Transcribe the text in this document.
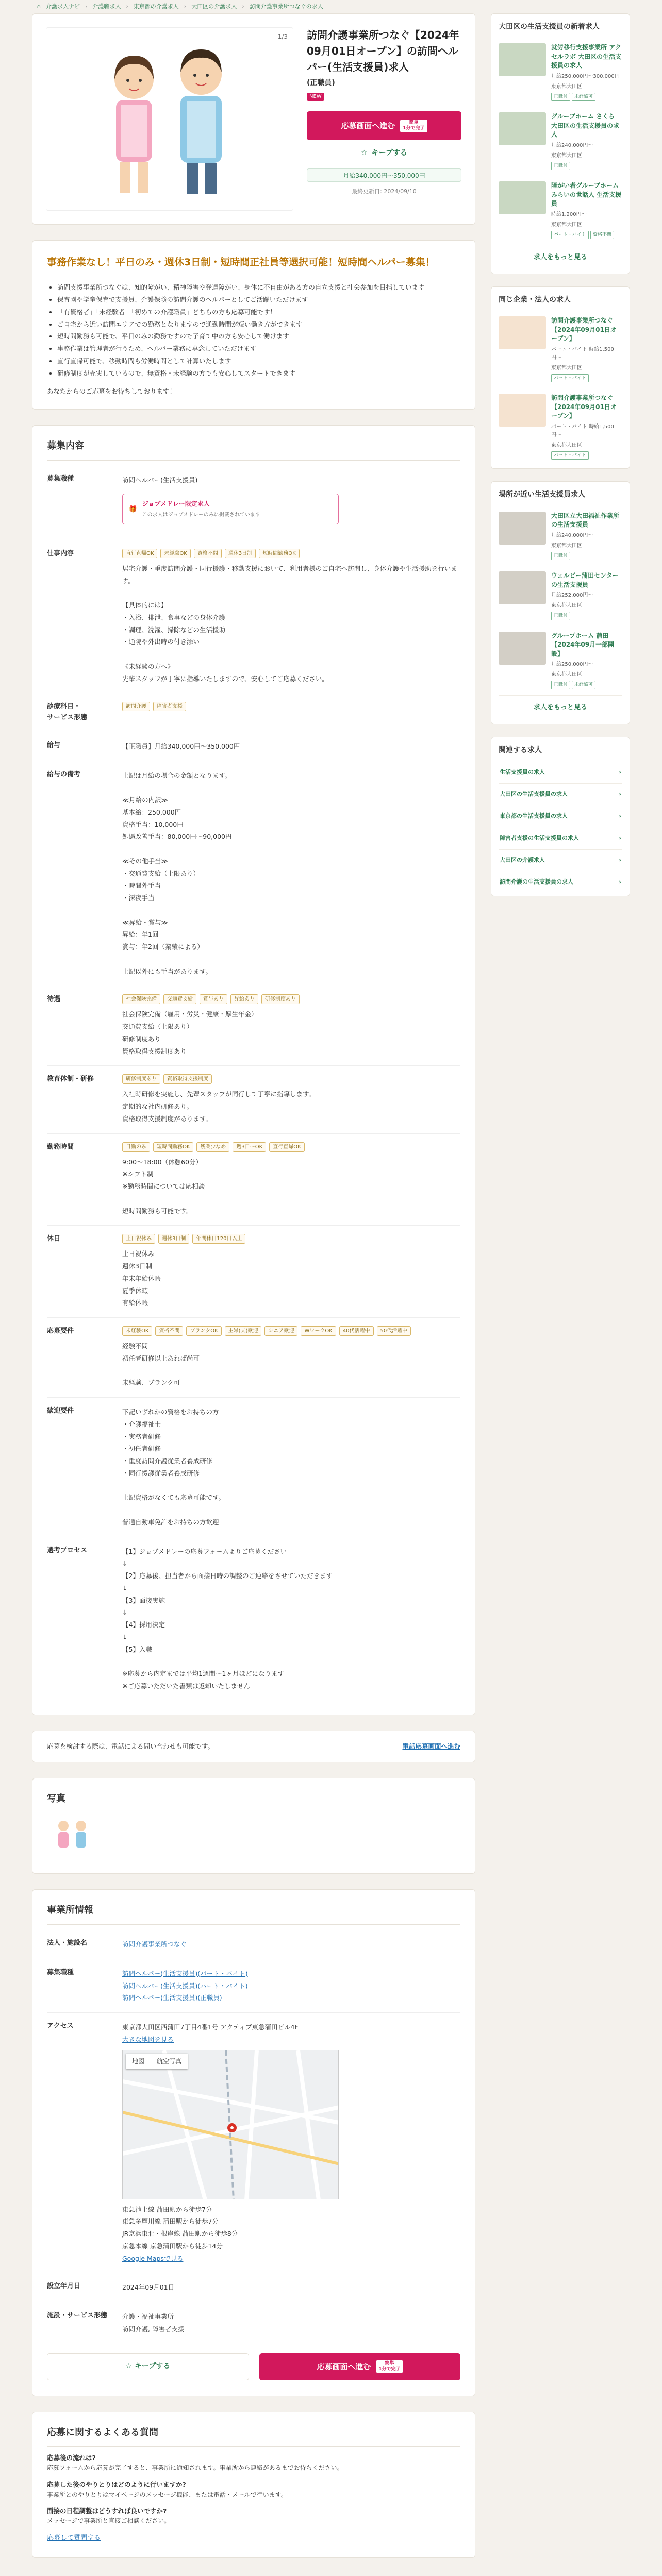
⌂ 介護求人ナビ › 介護職求人 › 東京都の介護求人 › 大田区の介護求人 › 訪問介護事業所つなぐの求人
1/3 訪問介護事業所つなぐ【2024年09月01日オープン】の訪問ヘルパー(生活支援員)求人
(正職員)
NEW
応募画面へ進む	簡単
1分で完了
☆ キープする
月給340,000円〜350,000円
最終更新日: 2024/09/10
事務作業なし！平日のみ・週休3日制・短時間正社員等選択可能！短時間ヘルパー募集！
• 訪問支援事業所つなぐは、知的障がい、精神障害や発達障がい、身体に不自由がある方の自立支援と社会参加を目指しています
• 保育園や学童保育で支援員、介護保険の訪問介護のヘルパーとしてご活躍いただけます
• 「有資格者」「未経験者」「初めての介護職員」どちらの方も応募可能です！
• ご自宅から近い訪問エリアでの勤務となりますので通勤時間が短い働き方ができます
• 短時間勤務も可能で、平日のみの勤務ですので子育て中の方も安心して働けます
• 事務作業は管理者が行うため、ヘルパー業務に専念していただけます
• 直行直帰可能で、移動時間も労働時間として計算いたします
• 研修制度が充実しているので、無資格・未経験の方でも安心してスタートできます
あなたからのご応募をお待ちしております！
募集内容
募集職種	訪問ヘルパー(生活支援員)
🎁
ジョブメドレー限定求人
この求人はジョブメドレーのみに掲載されています
仕事内容	直行直帰OK	未経験OK	資格不問	週休3日制	短時間勤務OK
居宅介護・重度訪問介護・同行援護・移動支援において、利用者様のご自宅へ訪問し、身体介護や生活援助を行います。

【具体的には】
・入浴、排泄、食事などの身体介護
・調理、洗濯、掃除などの生活援助
・通院や外出時の付き添い

《未経験の方へ》
先輩スタッフが丁寧に指導いたしますので、安心してご応募ください。
診療科目・
サービス形態
訪問介護	障害者支援
給与	【正職員】月給340,000円〜350,000円
給与の備考	上記は月給の場合の金額となります。

≪月給の内訳≫
基本給：250,000円
資格手当：10,000円
処遇改善手当：80,000円〜90,000円

≪その他手当≫
・交通費支給（上限あり）
・時間外手当
・深夜手当

≪昇給・賞与≫
昇給：年1回
賞与：年2回（業績による）

上記以外にも手当があります。
待遇	社会保険完備	交通費支給	賞与あり	昇給あり	研修制度あり
社会保険完備（雇用・労災・健康・厚生年金）
交通費支給（上限あり）
研修制度あり
資格取得支援制度あり
教育体制・研修	研修制度あり	資格取得支援制度
入社時研修を実施し、先輩スタッフが同行して丁寧に指導します。
定期的な社内研修あり。
資格取得支援制度があります。
勤務時間	日勤のみ	短時間勤務OK	残業少なめ	週3日〜OK	直行直帰OK
9:00〜18:00（休憩60分）
※シフト制
※勤務時間については応相談

短時間勤務も可能です。
休日	土日祝休み	週休3日制	年間休日120日以上
土日祝休み
週休3日制
年末年始休暇
夏季休暇
有給休暇
応募要件	未経験OK	資格不問	ブランクOK	主婦(夫)歓迎	シニア歓迎	WワークOK	40代活躍中	50代活躍中
経験不問
初任者研修以上あれば尚可

未経験、ブランク可
歓迎要件	下記いずれかの資格をお持ちの方
・介護福祉士
・実務者研修
・初任者研修
・重度訪問介護従業者養成研修
・同行援護従業者養成研修

上記資格がなくても応募可能です。

普通自動車免許をお持ちの方歓迎
選考プロセス	【1】ジョブメドレーの応募フォームよりご応募ください
↓
【2】応募後、担当者から面接日時の調整のご連絡をさせていただきます
↓
【3】面接実施
↓
【4】採用決定
↓
【5】入職

※応募から内定までは平均1週間〜1ヶ月ほどになります
※ご応募いただいた書類は返却いたしません
応募を検討する際は、電話による問い合わせも可能です。	電話応募画面へ進む
写真
事業所情報
法人・施設名	訪問介護事業所つなぐ
募集職種	訪問ヘルパー(生活支援員)(パート・バイト)
訪問ヘルパー(生活支援員)(パート・バイト)
訪問ヘルパー(生活支援員)(正職員)
アクセス	東京都大田区西蒲田7丁目4番1号 アクティブ東急蒲田ビル4F
大きな地図を見る
地図	航空写真
東急池上線 蒲田駅から徒歩7分
東急多摩川線 蒲田駅から徒歩7分
JR京浜東北・根岸線 蒲田駅から徒歩8分
京急本線 京急蒲田駅から徒歩14分
Google Mapsで見る
設立年月日	2024年09月01日
施設・サービス形態	介護・福祉事業所
訪問介護, 障害者支援
☆ キープする	応募画面へ進む	簡単
1分で完了
応募に関するよくある質問
応募後の流れは?
応募フォームから応募が完了すると、事業所に通知されます。事業所から連絡があるまでお待ちください。
応募した後のやりとりはどのように行いますか?
事業所とのやりとりはマイページのメッセージ機能、または電話・メールで行います。
面接の日程調整はどうすれば良いですか?
メッセージで事業所と直接ご相談ください。
応募して質問する
大田区の生活支援員の新着求人
就労移行支援事業所 アクセルラボ 大田区の生活支援員の求人
月給250,000円〜300,000円
東京都大田区
正職員 未経験可
グループホーム さくら 大田区の生活支援員の求人
月給240,000円〜
東京都大田区
正職員
障がい者グループホーム みらいの世話人 生活支援員
時給1,200円〜
東京都大田区
パート・バイト 資格不問
求人をもっと見る
同じ企業・法人の求人
訪問介護事業所つなぐ【2024年09月01日オープン】
パート・バイト 時給1,500円〜
東京都大田区
パート・バイト
訪問介護事業所つなぐ【2024年09月01日オープン】
パート・バイト 時給1,500円〜
東京都大田区
パート・バイト
場所が近い生活支援員求人
大田区立大田福祉作業所の生活支援員
月給240,000円〜
東京都大田区
正職員
ウェルビー蒲田センターの生活支援員
月給252,000円〜
東京都大田区
正職員
グループホーム 蒲田【2024年09月一部開設】
月給250,000円〜
東京都大田区
正職員 未経験可
求人をもっと見る
関連する求人
生活支援員の求人	›
大田区の生活支援員の求人	›
東京都の生活支援員の求人	›
障害者支援の生活支援員の求人	›
大田区の介護求人	›
訪問介護の生活支援員の求人	›
